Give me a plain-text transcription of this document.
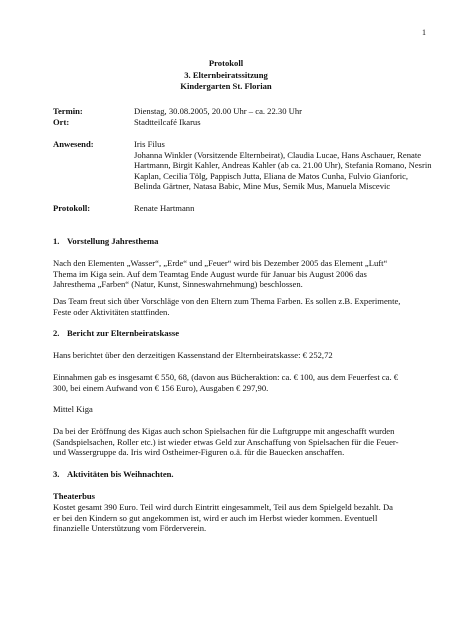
1
Protokoll
3. Elternbeiratssitzung
Kindergarten St. Florian
Termin:	Dienstag, 30.08.2005, 20.00 Uhr – ca. 22.30 Uhr
Ort:	Stadtteilcafé Ikarus
Anwesend:	Iris Filus
Johanna Winkler (Vorsitzende Elternbeirat), Claudia Lucae, Hans Aschauer, Renate
Hartmann, Birgit Kahler, Andreas Kahler (ab ca. 21.00 Uhr), Stefania Romano, Nesrin
Kaplan, Cecilia Tölg, Pappisch Jutta, Eliana de Matos Cunha, Fulvio Gianforic,
Belinda Gärtner, Natasa Babic, Mine Mus, Semik Mus, Manuela Miscevic
Protokoll:	Renate Hartmann
1. Vorstellung Jahresthema
Nach den Elementen „Wasser“, „Erde“ und „Feuer“ wird bis Dezember 2005 das Element „Luft“
Thema im Kiga sein. Auf dem Teamtag Ende August wurde für Januar bis August 2006 das
Jahresthema „Farben“ (Natur, Kunst, Sinneswahrnehmung) beschlossen.
Das Team freut sich über Vorschläge von den Eltern zum Thema Farben. Es sollen z.B. Experimente,
Feste oder Aktivitäten stattfinden.
2. Bericht zur Elternbeiratskasse
Hans berichtet über den derzeitigen Kassenstand der Elternbeiratskasse: € 252,72
Einnahmen gab es insgesamt € 550, 68, (davon aus Bücheraktion: ca. € 100, aus dem Feuerfest ca. €
300, bei einem Aufwand von € 156 Euro), Ausgaben € 297,90.
Mittel Kiga
Da bei der Eröffnung des Kigas auch schon Spielsachen für die Luftgruppe mit angeschafft wurden
(Sandspielsachen, Roller etc.) ist wieder etwas Geld zur Anschaffung von Spielsachen für die Feuer-
und Wassergruppe da. Iris wird Ostheimer-Figuren o.ä. für die Bauecken anschaffen.
3. Aktivitäten bis Weihnachten.
Theaterbus
Kostet gesamt 390 Euro. Teil wird durch Eintritt eingesammelt, Teil aus dem Spielgeld bezahlt. Da
er bei den Kindern so gut angekommen ist, wird er auch im Herbst wieder kommen. Eventuell
finanzielle Unterstützung vom Förderverein.
